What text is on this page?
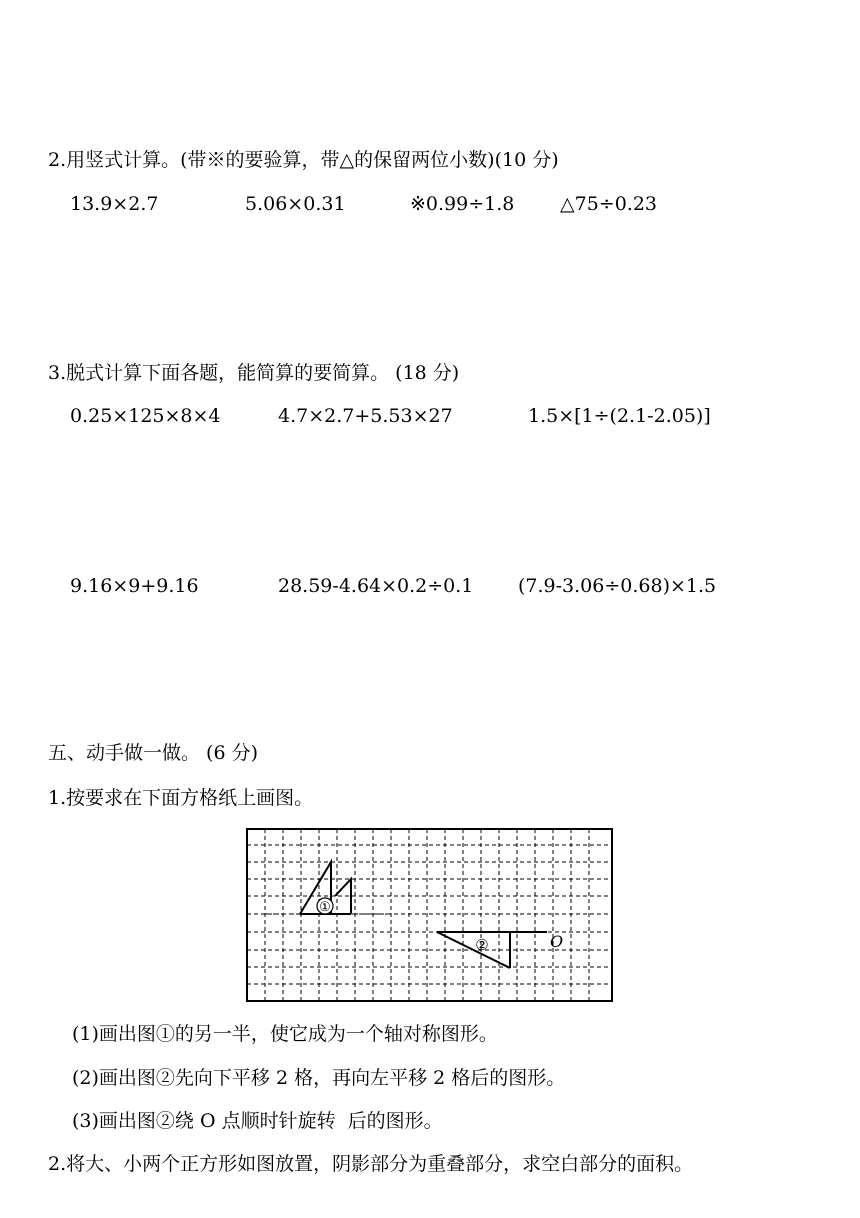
2.用竖式计算。(带※的要验算，带△的保留两位小数)(10 分)
13.9×2.7	5.06×0.31	※0.99÷1.8 △75÷0.23
3.脱式计算下面各题，能简算的要简算。 (18 分)
0.25×125×8×4	4.7×2.7+5.53×27	1.5×[1÷(2.1-2.05)]
9.16×9+9.16	28.59-4.64×0.2÷0.1 (7.9-3.06÷0.68)×1.5
五、动手做一做。 (6 分)
1.按要求在下面方格纸上画图。
①
②	O
(1)画出图①的另一半，使它成为一个轴对称图形。
(2)画出图②先向下平移 2 格，再向左平移 2 格后的图形。
(3)画出图②绕 O 点顺时针旋转  后的图形。
2.将大、小两个正方形如图放置，阴影部分为重叠部分，求空白部分的面积。
